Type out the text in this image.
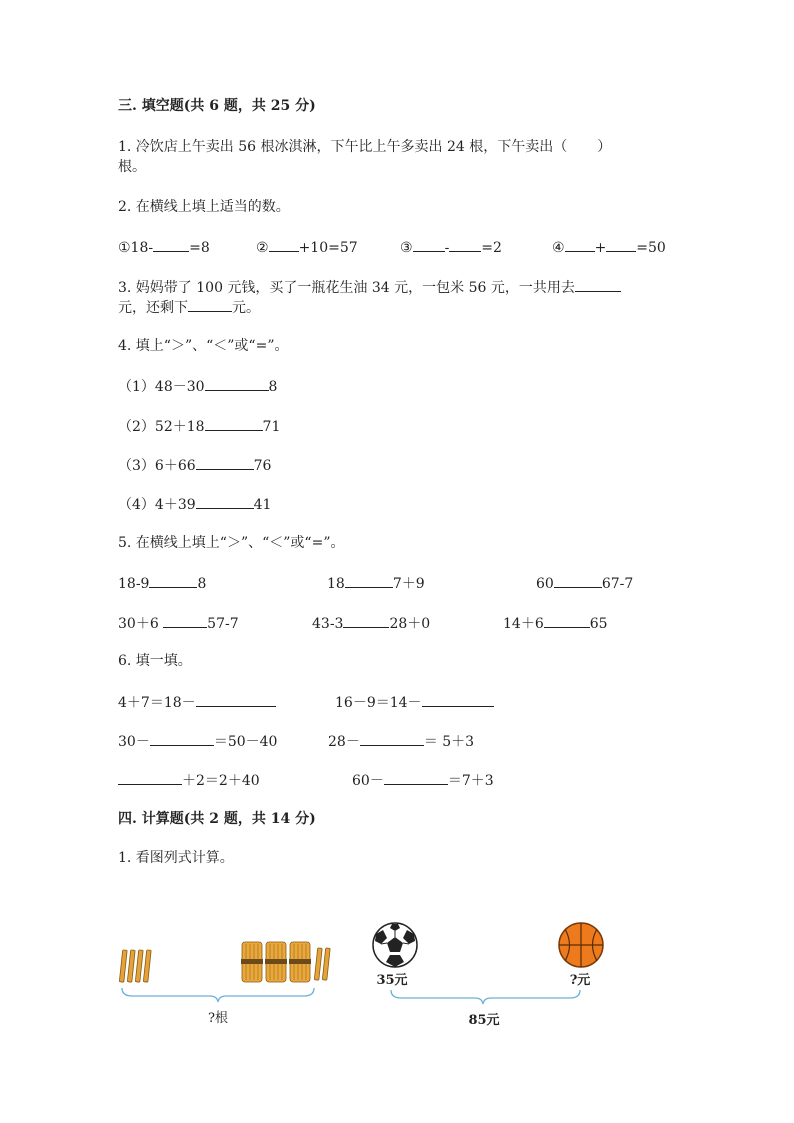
三. 填空题(共 6 题，共 25 分)
1. 冷饮店上午卖出 56 根冰淇淋，下午比上午多卖出 24 根，下午卖出（ ）
根。
2. 在横线上填上适当的数。
①18-	=8	② +10=57	③ - =2	④ + =50
3. 妈妈带了 100 元钱，买了一瓶花生油 34 元，一包米 56 元，一共用去
元，还剩下	元。
4. 填上“＞”、“＜”或“=”。
（1）48－30	8
（2）52＋18	71
（3）6＋66	76
（4）4＋39	41
5. 在横线上填上“＞”、“＜”或“=”。
18-9	8	18	7＋9	60	67-7
30＋6	57-7	43-3	28＋0	14＋6	65
6. 填一填。
4＋7＝18－	16－9＝14－
30－	＝50－40	28－	＝ 5＋3
＋2＝2＋40	60－	＝7＋3
四. 计算题(共 2 题，共 14 分)
1. 看图列式计算。
?根
35元	?元
85元
